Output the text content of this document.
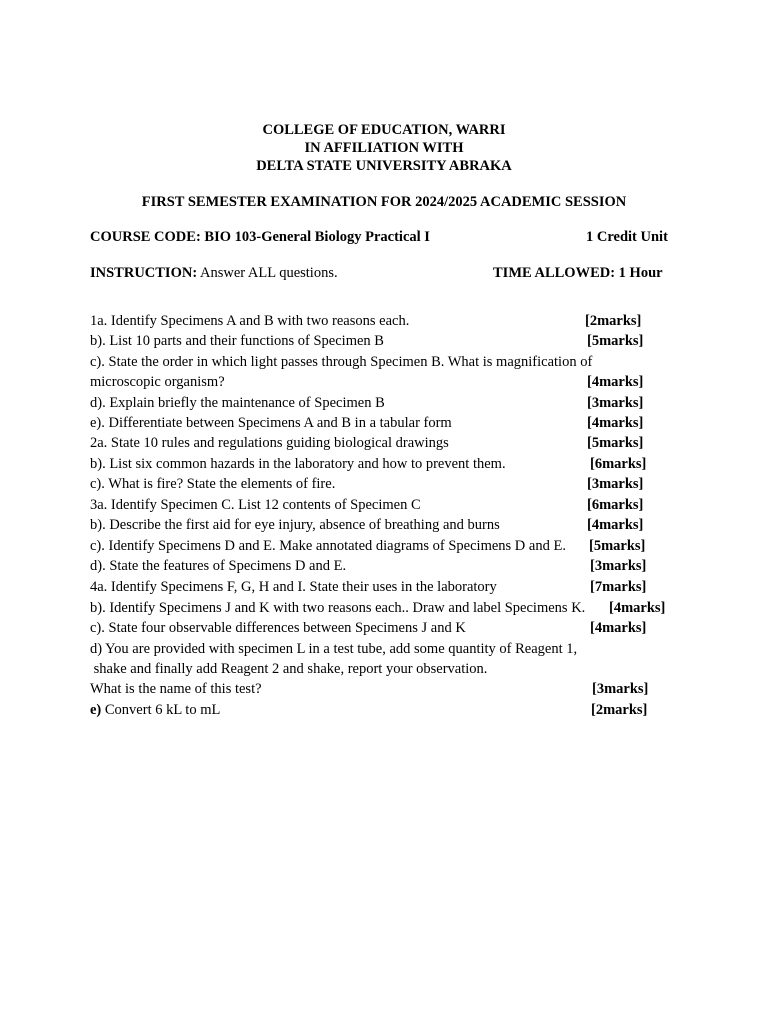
COLLEGE OF EDUCATION, WARRI
IN AFFILIATION WITH
DELTA STATE UNIVERSITY ABRAKA
FIRST SEMESTER EXAMINATION FOR 2024/2025 ACADEMIC SESSION
COURSE CODE: BIO 103-General Biology Practical I	1 Credit Unit
INSTRUCTION: Answer ALL questions.	TIME ALLOWED: 1 Hour
1a. Identify Specimens A and B with two reasons each.	[2marks]
b). List 10 parts and their functions of Specimen B	[5marks]
c). State the order in which light passes through Specimen B. What is magnification of
microscopic organism?	[4marks]
d). Explain briefly the maintenance of Specimen B	[3marks]
e). Differentiate between Specimens A and B in a tabular form	[4marks]
2a. State 10 rules and regulations guiding biological drawings	[5marks]
b). List six common hazards in the laboratory and how to prevent them.	[6marks]
c). What is fire? State the elements of fire.	[3marks]
3a. Identify Specimen C. List 12 contents of Specimen C	[6marks]
b). Describe the first aid for eye injury, absence of breathing and burns	[4marks]
c). Identify Specimens D and E. Make annotated diagrams of Specimens D and E. [5marks]
d). State the features of Specimens D and E.	[3marks]
4a. Identify Specimens F, G, H and I. State their uses in the laboratory	[7marks]
b). Identify Specimens J and K with two reasons each.. Draw and label Specimens K. [4marks]
c). State four observable differences between Specimens J and K	[4marks]
d) You are provided with specimen L in a test tube, add some quantity of Reagent 1,
shake and finally add Reagent 2 and shake, report your observation.
What is the name of this test?	[3marks]
e) Convert 6 kL to mL	[2marks]
